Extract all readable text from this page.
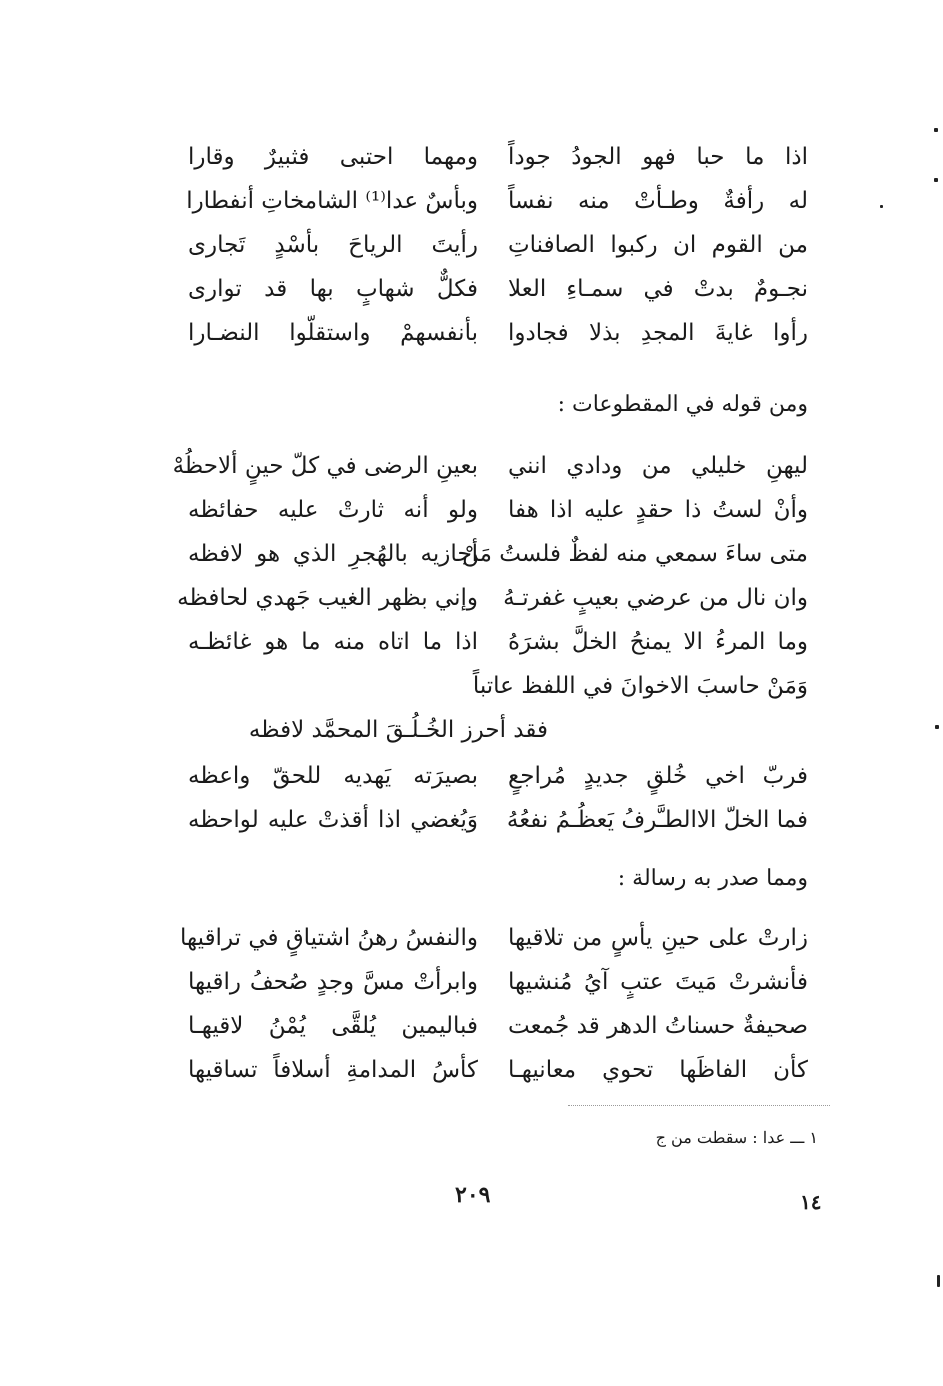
اذا ما حبا فهو الجودُ جوداً
ومهما احتبى فثبيرٌ وقارا
له رأفةٌ وطـأتْ منه نفساً
وبأسٌ عدا⁽¹⁾ الشامخاتِ أنفطارا
من القوم ان ركبوا الصافناتِ
رأيتَ الرياحَ بأسْدٍ تَجارى
نجـومٌ بدتْ في سمـاءِ العلا
فكلٌّ شهابٍ بها قد توارى
رأوا غايةَ المجدِ بذلا فجادوا
بأنفسهمْ واستقلّوا النضـارا
ومن قوله في المقطوعات :
ليهنِ خليلي من ودادي انني
بعينِ الرضى في كلّ حينٍ ألاحظُهْ
وأنْ لستُ ذا حقدٍ عليه اذا هفا
ولو أنه ثارتْ عليه حفائظه
متى ساءَ سمعي منه لفظٌ فلستُ مَنْ
أجازيه بالهُجرِ الذي هو لافظه
وان نال من عرضي بعيبٍ غفرتـهُ
وإني بظهر الغيب جَهدي لحافظه
وما المرءُ الا يمنحُ الخلَّ بشرَهُ
اذا ما اتاه منه ما هو غائظـه
وَمَنْ حاسبَ الاخوانَ في اللفظ عاتباً
فقد أحرز الخُـلُـقَ المحمَّد لافظه
فربّ اخي خُلقٍ جديدٍ مُراجعٍ
بصيرَته يَهديه للحقّ واعظه
فما الخلّ الاالطـَّرفُ يَعظُـمُ نفعُهُ
وَيُغضي اذا أقذتْ عليه لواحظه
ومما صدر به رسالة :
زارتْ على حينِ يأسٍ من تلاقيها
والنفسُ رهنُ اشتياقٍ في تراقيها
فأنشرتْ مَيتَ عتبٍ آيُ مُنشيها
وابرأتْ مسَّ وجدٍ صُحفُ راقيها
صحيفةٌ حسناتُ الدهر قد جُمعت
فباليمين يُلقَّى يُمْنُ لاقيهـا
كأن الفاظَها تحوي معانيهـا
كأسُ المدامةِ أسلافاً تساقيها
١ ـــ عدا : سقطت من ج
٢٠٩	١٤
